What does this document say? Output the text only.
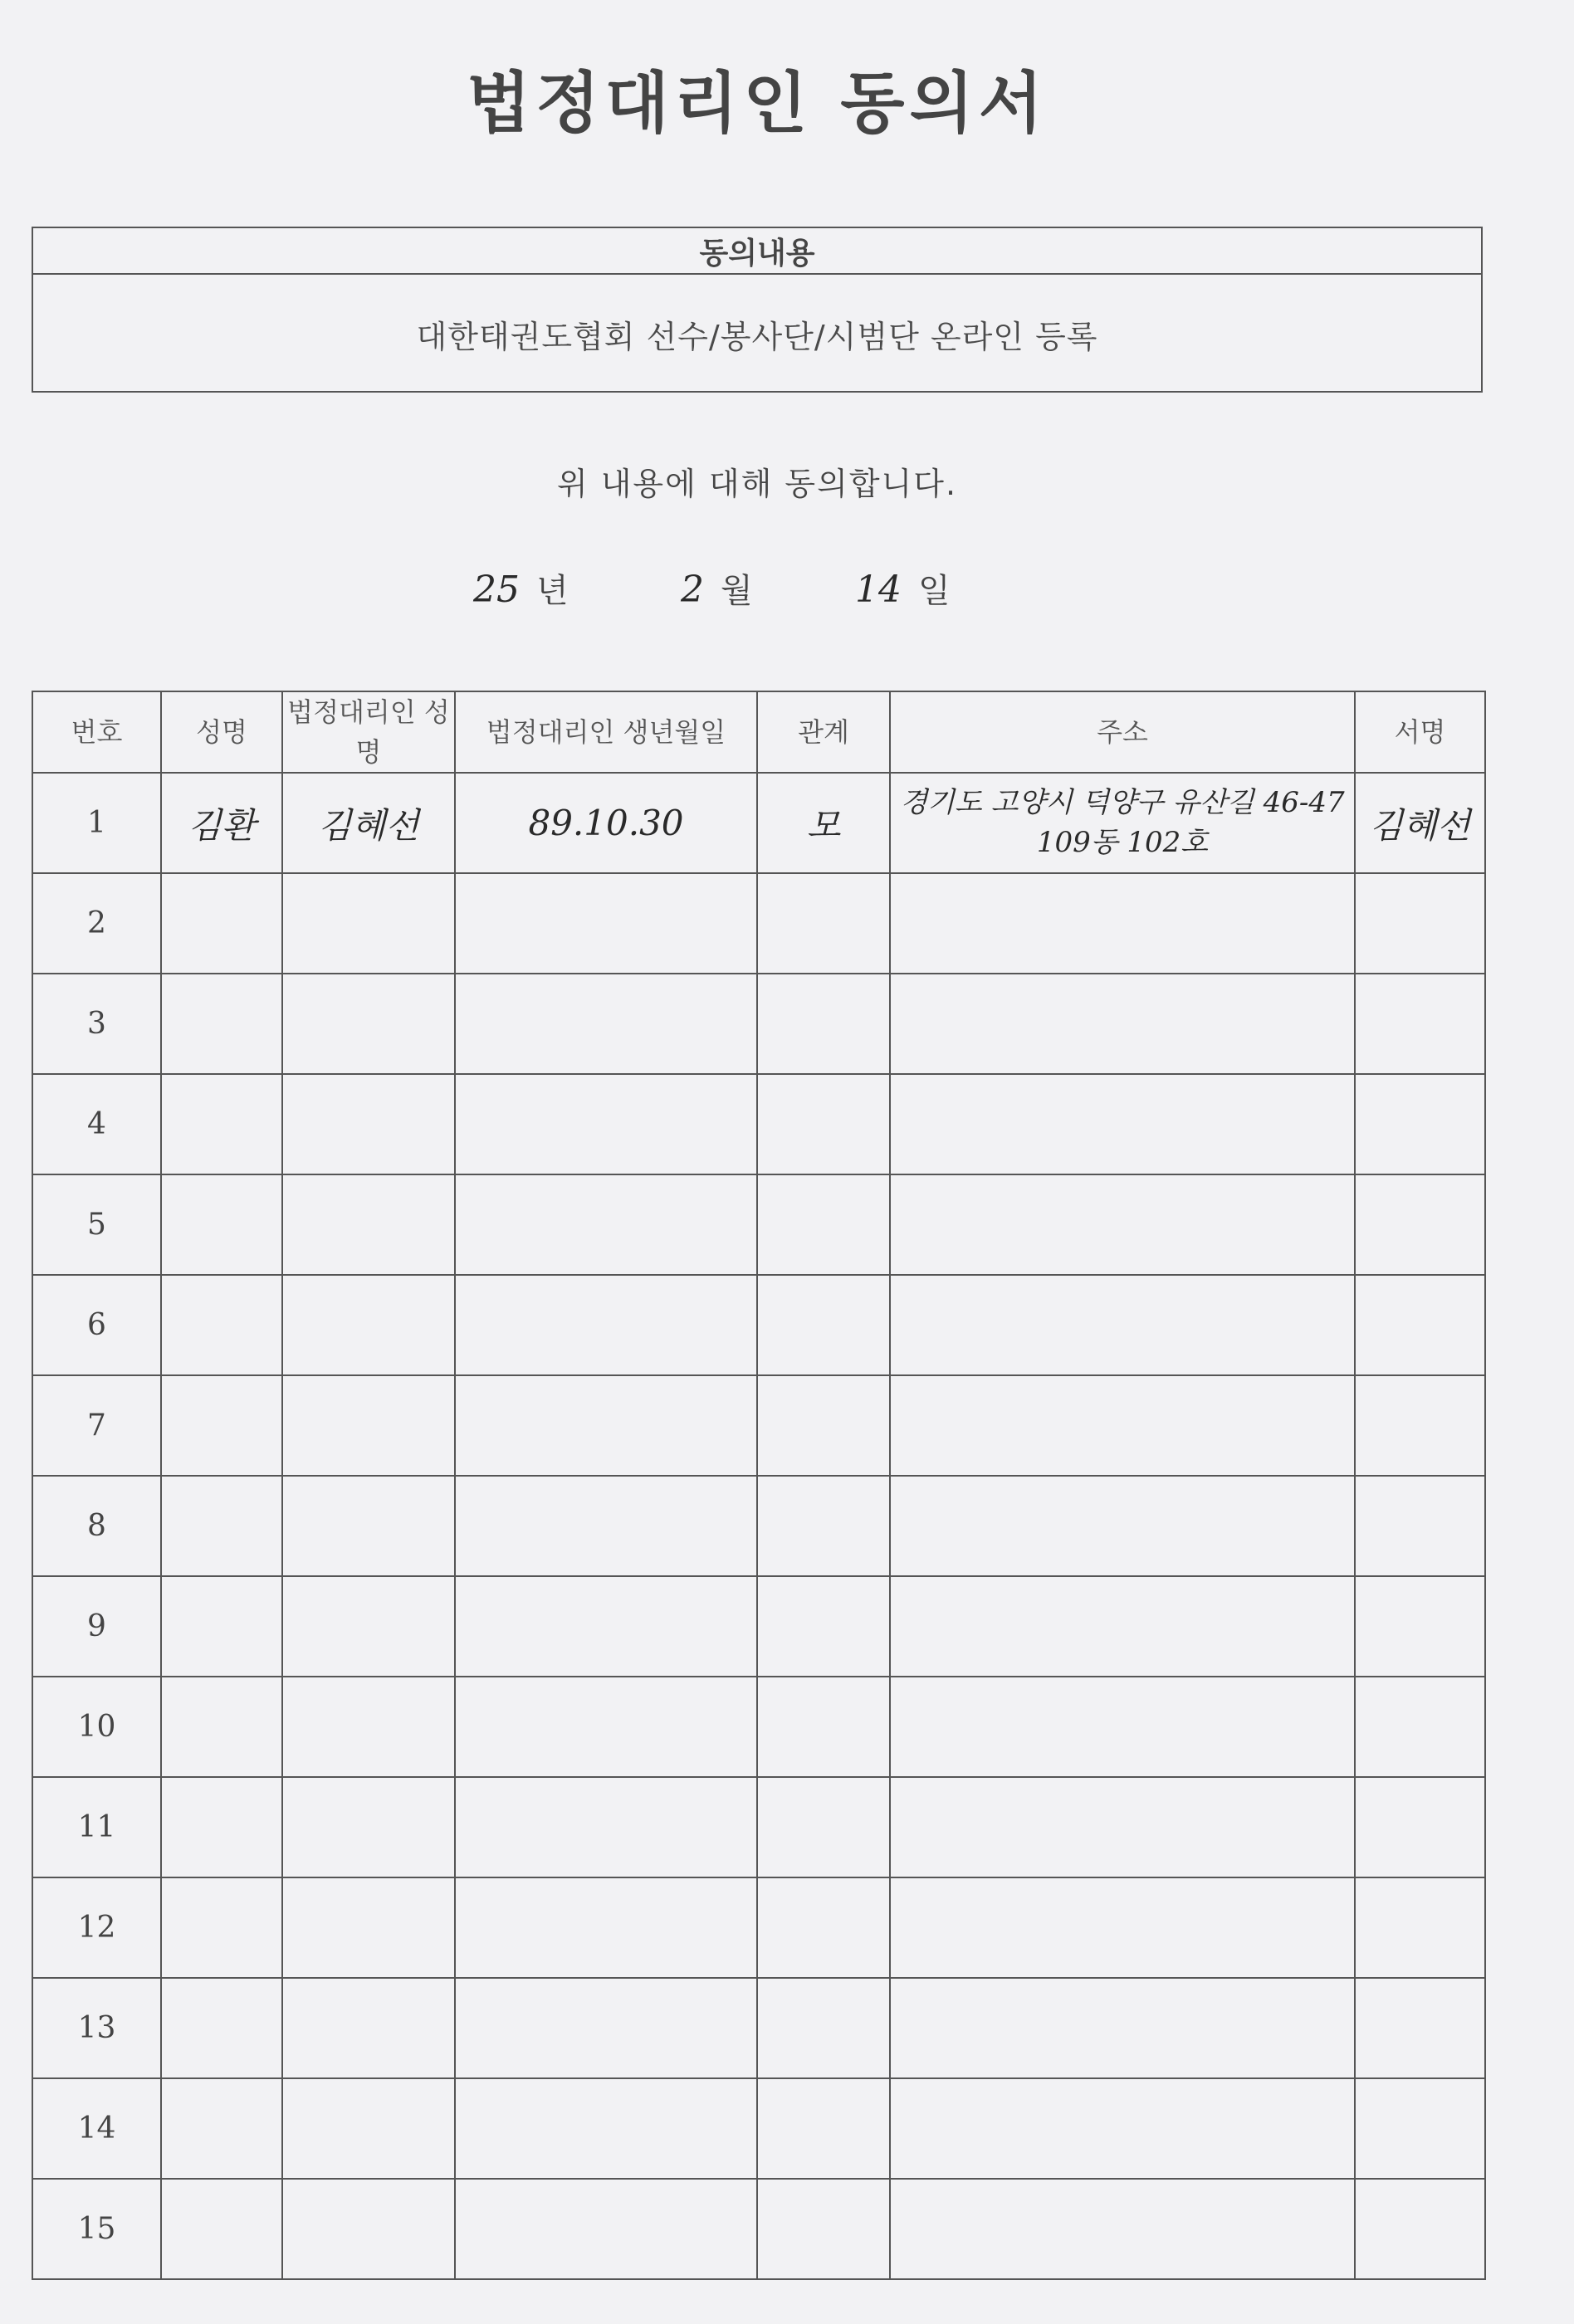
법정대리인 동의서
동의내용
대한태권도협회 선수/봉사단/시범단 온라인 등록
위 내용에 대해 동의합니다.
25 년	2 월	14 일
번호	성명	법정대리인 성명	법정대리인 생년월일	관계	주소	서명
1	김환	김혜선	89.10.30	모	경기도 고양시 덕양구 유산길 46-47 109동 102호	김혜선
2						
3						
4						
5						
6						
7						
8						
9						
10						
11						
12						
13						
14						
15						
